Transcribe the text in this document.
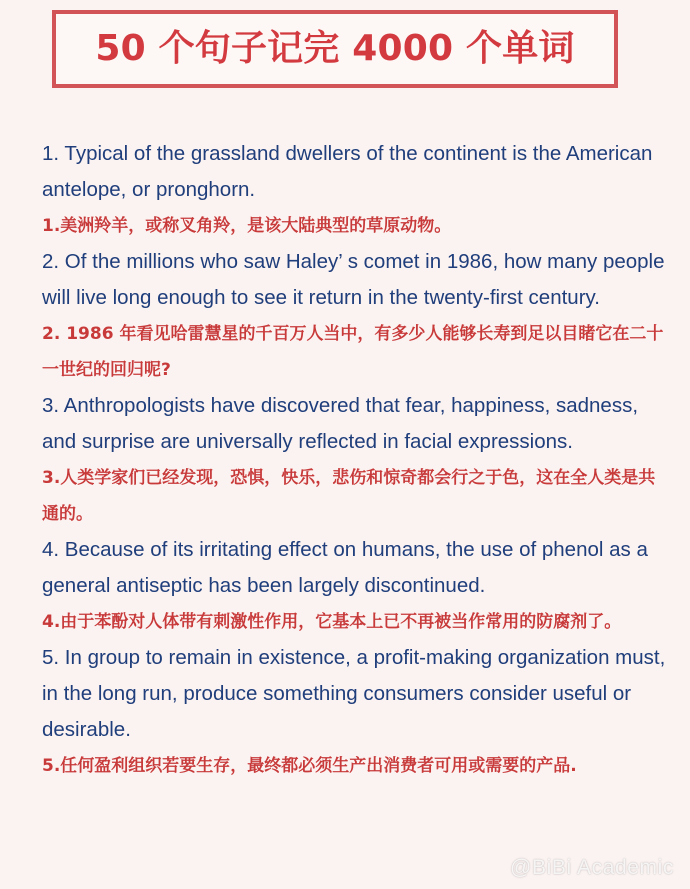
50 个句子记完 4000 个单词

1. Typical of the grassland dwellers of the continent is the American antelope, or pronghorn.

1.美洲羚羊，或称叉角羚，是该大陆典型的草原动物。

2. Of the millions who saw Haley’ s comet in 1986, how many people will live long enough to see it return in the twenty-first century.

2. 1986 年看见哈雷慧星的千百万人当中，有多少人能够长寿到足以目睹它在二十一世纪的回归呢?

3. Anthropologists have discovered that fear, happiness, sadness, and surprise are universally reflected in facial expressions.

3.人类学家们已经发现，恐惧，快乐，悲伤和惊奇都会行之于色，这在全人类是共通的。

4. Because of its irritating effect on humans, the use of phenol as a general antiseptic has been largely discontinued.

4.由于苯酚对人体带有刺激性作用，它基本上已不再被当作常用的防腐剂了。

5. In group to remain in existence, a profit-making organization must, in the long run, produce something consumers consider useful or desirable.

5.任何盈利组织若要生存，最终都必须生产出消费者可用或需要的产品.

@BiBi Academic
